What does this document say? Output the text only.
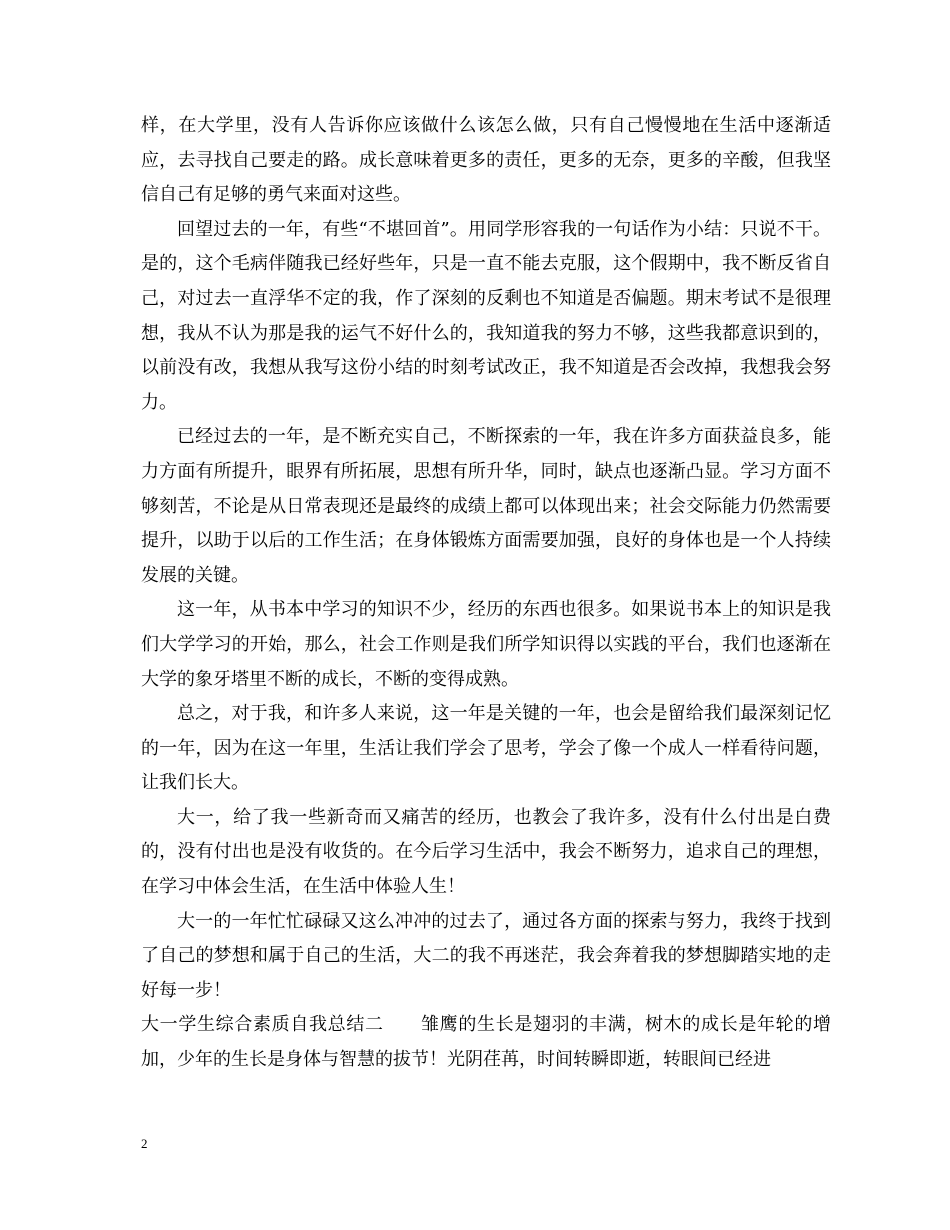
样，在大学里，没有人告诉你应该做什么该怎么做，只有自己慢慢地在生活中逐渐适应，去寻找自己要走的路。成长意味着更多的责任，更多的无奈，更多的辛酸，但我坚信自己有足够的勇气来面对这些。

回望过去的一年，有些“不堪回首”。用同学形容我的一句话作为小结：只说不干。是的，这个毛病伴随我已经好些年，只是一直不能去克服，这个假期中，我不断反省自己，对过去一直浮华不定的我，作了深刻的反剩也不知道是否偏题。期末考试不是很理想，我从不认为那是我的运气不好什么的，我知道我的努力不够，这些我都意识到的，以前没有改，我想从我写这份小结的时刻考试改正，我不知道是否会改掉，我想我会努力。

已经过去的一年，是不断充实自己，不断探索的一年，我在许多方面获益良多，能力方面有所提升，眼界有所拓展，思想有所升华，同时，缺点也逐渐凸显。学习方面不够刻苦，不论是从日常表现还是最终的成绩上都可以体现出来；社会交际能力仍然需要提升，以助于以后的工作生活；在身体锻炼方面需要加强，良好的身体也是一个人持续发展的关键。

这一年，从书本中学习的知识不少，经历的东西也很多。如果说书本上的知识是我们大学学习的开始，那么，社会工作则是我们所学知识得以实践的平台，我们也逐渐在大学的象牙塔里不断的成长，不断的变得成熟。

总之，对于我，和许多人来说，这一年是关键的一年，也会是留给我们最深刻记忆的一年，因为在这一年里，生活让我们学会了思考，学会了像一个成人一样看待问题，让我们长大。

大一，给了我一些新奇而又痛苦的经历，也教会了我许多，没有什么付出是白费的，没有付出也是没有收货的。在今后学习生活中，我会不断努力，追求自己的理想，在学习中体会生活，在生活中体验人生！

大一的一年忙忙碌碌又这么冲冲的过去了，通过各方面的探索与努力，我终于找到了自己的梦想和属于自己的生活，大二的我不再迷茫，我会奔着我的梦想脚踏实地的走好每一步！

大一学生综合素质自我总结二　　雏鹰的生长是翅羽的丰满，树木的成长是年轮的增加，少年的生长是身体与智慧的拔节！光阴荏苒，时间转瞬即逝，转眼间已经进

2
